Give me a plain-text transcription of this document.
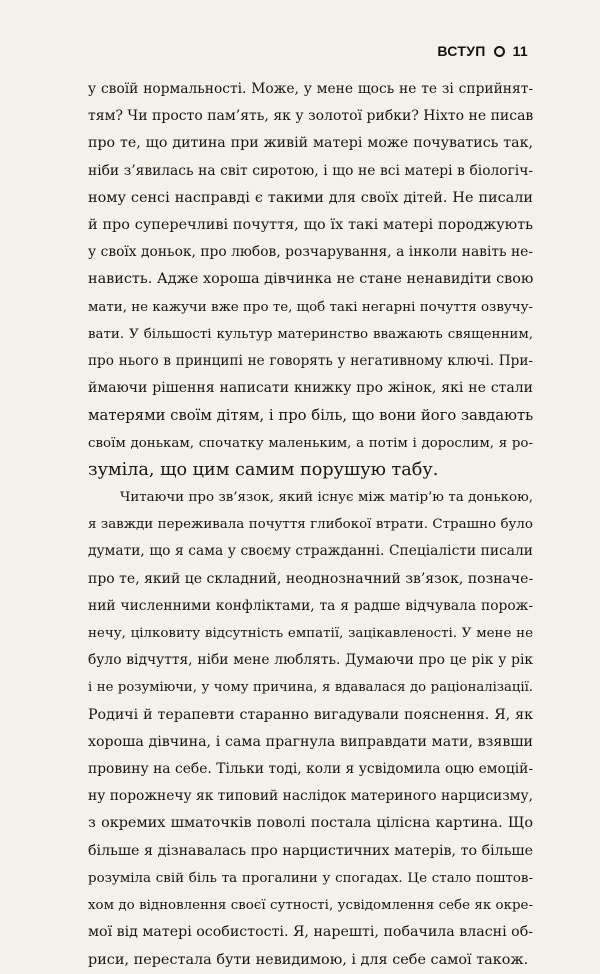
ВСТУП 11
у своїй нормальності. Може, у мене щось не те зі сприйнят-
тям? Чи просто пам’ять, як у золотої рибки? Ніхто не писав
про те, що дитина при живій матері може почуватись так,
ніби з’явилась на світ сиротою, і що не всі матері в біологіч-
ному сенсі насправді є такими для своїх дітей. Не писали
й про суперечливі почуття, що їх такі матері породжують
у своїх доньок, про любов, розчарування, а інколи навіть не-
нависть. Адже хороша дівчинка не стане ненавидіти свою
мати, не кажучи вже про те, щоб такі негарні почуття озвучу-
вати. У більшості культур материнство вважають священним,
про нього в принципі не говорять у негативному ключі. При-
ймаючи рішення написати книжку про жінок, які не стали
матерями своїм дітям, і про біль, що вони його завдають
своїм донькам, спочатку маленьким, а потім і дорослим, я ро-
зуміла, що цим самим порушую табу.
Читаючи про зв’язок, який існує між матір’ю та донькою,
я завжди переживала почуття глибокої втрати. Страшно було
думати, що я сама у своєму стражданні. Спеціалісти писали
про те, який це складний, неоднозначний зв’язок, позначе-
ний численними конфліктами, та я радше відчувала порож-
нечу, цілковиту відсутність емпатії, зацікавленості. У мене не
було відчуття, ніби мене люблять. Думаючи про це рік у рік
і не розуміючи, у чому причина, я вдавалася до раціоналізації.
Родичі й терапевти старанно вигадували пояснення. Я, як
хороша дівчина, і сама прагнула виправдати мати, взявши
провину на себе. Тільки тоді, коли я усвідомила оцю емоцій-
ну порожнечу як типовий наслідок материного нарцисизму,
з окремих шматочків поволі постала цілісна картина. Що
більше я дізнавалась про нарцистичних матерів, то більше
розуміла свій біль та прогалини у спогадах. Це стало поштов-
хом до відновлення своєї сутності, усвідомлення себе як окре-
мої від матері особистості. Я, нарешті, побачила власні об-
риси, перестала бути невидимою, і для себе самої також.
